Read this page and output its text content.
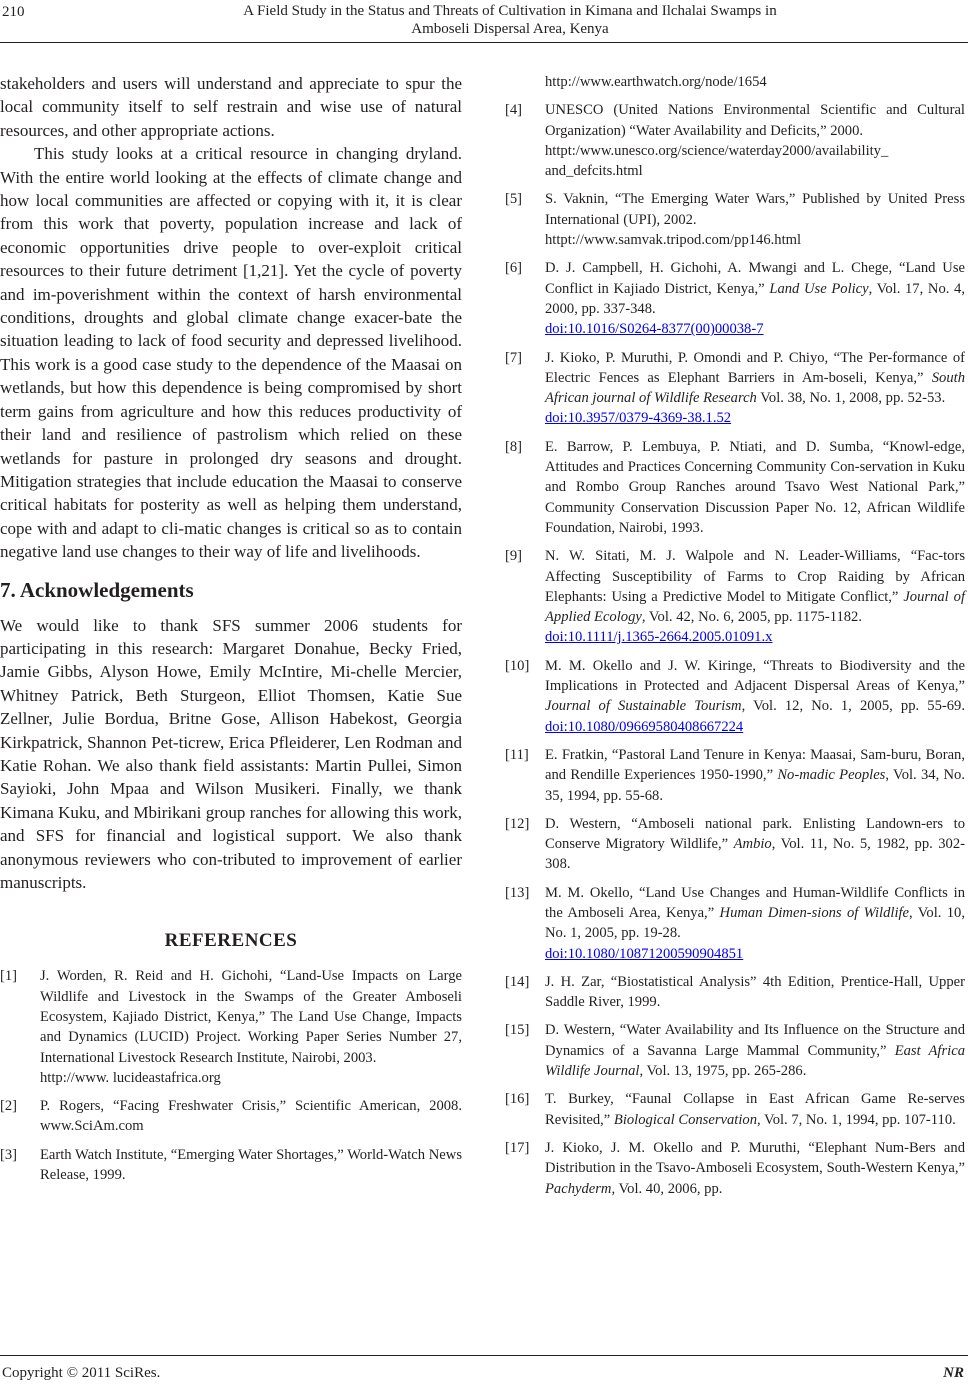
210	A Field Study in the Status and Threats of Cultivation in Kimana and Ilchalai Swamps in
Amboseli Dispersal Area, Kenya

stakeholders and users will understand and appreciate to spur the local community itself to self restrain and wise use of natural resources, and other appropriate actions.

This study looks at a critical resource in changing dryland. With the entire world looking at the effects of climate change and how local communities are affected or copying with it, it is clear from this work that poverty, population increase and lack of economic opportunities drive people to over-exploit critical resources to their future detriment [1,21]. Yet the cycle of poverty and im-poverishment within the context of harsh environmental conditions, droughts and global climate change exacer-bate the situation leading to lack of food security and depressed livelihood. This work is a good case study to the dependence of the Maasai on wetlands, but how this dependence is being compromised by short term gains from agriculture and how this reduces productivity of their land and resilience of pastrolism which relied on these wetlands for pasture in prolonged dry seasons and drought. Mitigation strategies that include education the Maasai to conserve critical habitats for posterity as well as helping them understand, cope with and adapt to cli-matic changes is critical so as to contain negative land use changes to their way of life and livelihoods.

7. Acknowledgements

We would like to thank SFS summer 2006 students for participating in this research: Margaret Donahue, Becky Fried, Jamie Gibbs, Alyson Howe, Emily McIntire, Mi-chelle Mercier, Whitney Patrick, Beth Sturgeon, Elliot Thomsen, Katie Sue Zellner, Julie Bordua, Britne Gose, Allison Habekost, Georgia Kirkpatrick, Shannon Pet-ticrew, Erica Pfleiderer, Len Rodman and Katie Rohan. We also thank field assistants: Martin Pullei, Simon Sayioki, John Mpaa and Wilson Musikeri. Finally, we thank Kimana Kuku, and Mbirikani group ranches for allowing this work, and SFS for financial and logistical support. We also thank anonymous reviewers who con-tributed to improvement of earlier manuscripts.

REFERENCES
[1]	J. Worden, R. Reid and H. Gichohi, “Land-Use Impacts on Large Wildlife and Livestock in the Swamps of the Greater Amboseli Ecosystem, Kajiado District, Kenya,” The Land Use Change, Impacts and Dynamics (LUCID) Project. Working Paper Series Number 27, International Livestock Research Institute, Nairobi, 2003.
http://www. lucideastafrica.org
[2]	P. Rogers, “Facing Freshwater Crisis,” Scientific American, 2008. www.SciAm.com
[3]	Earth Watch Institute, “Emerging Water Shortages,” World-Watch News Release, 1999.
http://www.earthwatch.org/node/1654
[4]	UNESCO (United Nations Environmental Scientific and Cultural Organization) “Water Availability and Deficits,” 2000.
httpt:/www.unesco.org/science/waterday2000/availability_ and_defcits.html
[5]	S. Vaknin, “The Emerging Water Wars,” Published by United Press International (UPI), 2002.
httpt://www.samvak.tripod.com/pp146.html
[6]	D. J. Campbell, H. Gichohi, A. Mwangi and L. Chege, “Land Use Conflict in Kajiado District, Kenya,” Land Use Policy, Vol. 17, No. 4, 2000, pp. 337-348.
doi:10.1016/S0264-8377(00)00038-7
[7]	J. Kioko, P. Muruthi, P. Omondi and P. Chiyo, “The Per-formance of Electric Fences as Elephant Barriers in Am-boseli, Kenya,” South African journal of Wildlife Research Vol. 38, No. 1, 2008, pp. 52-53.
doi:10.3957/0379-4369-38.1.52
[8]	E. Barrow, P. Lembuya, P. Ntiati, and D. Sumba, “Knowl-edge, Attitudes and Practices Concerning Community Con-servation in Kuku and Rombo Group Ranches around Tsavo West National Park,” Community Conservation Discussion Paper No. 12, African Wildlife Foundation, Nairobi, 1993.
[9]	N. W. Sitati, M. J. Walpole and N. Leader-Williams, “Fac-tors Affecting Susceptibility of Farms to Crop Raiding by African Elephants: Using a Predictive Model to Mitigate Conflict,” Journal of Applied Ecology, Vol. 42, No. 6, 2005, pp. 1175-1182.
doi:10.1111/j.1365-2664.2005.01091.x
[10]	M. M. Okello and J. W. Kiringe, “Threats to Biodiversity and the Implications in Protected and Adjacent Dispersal Areas of Kenya,” Journal of Sustainable Tourism, Vol. 12, No. 1, 2005, pp. 55-69. doi:10.1080/09669580408667224
[11]	E. Fratkin, “Pastoral Land Tenure in Kenya: Maasai, Sam-buru, Boran, and Rendille Experiences 1950-1990,” No-madic Peoples, Vol. 34, No. 35, 1994, pp. 55-68.
[12]	D. Western, “Amboseli national park. Enlisting Landown-ers to Conserve Migratory Wildlife,” Ambio, Vol. 11, No. 5, 1982, pp. 302-308.
[13]	M. M. Okello, “Land Use Changes and Human-Wildlife Conflicts in the Amboseli Area, Kenya,” Human Dimen-sions of Wildlife, Vol. 10, No. 1, 2005, pp. 19-28.
doi:10.1080/10871200590904851
[14]	J. H. Zar, “Biostatistical Analysis” 4th Edition, Prentice-Hall, Upper Saddle River, 1999.
[15]	D. Western, “Water Availability and Its Influence on the Structure and Dynamics of a Savanna Large Mammal Community,” East Africa Wildlife Journal, Vol. 13, 1975, pp. 265-286.
[16]	T. Burkey, “Faunal Collapse in East African Game Re-serves Revisited,” Biological Conservation, Vol. 7, No. 1, 1994, pp. 107-110.
[17]	J. Kioko, J. M. Okello and P. Muruthi, “Elephant Num-Bers and Distribution in the Tsavo-Amboseli Ecosystem, South-Western Kenya,” Pachyderm, Vol. 40, 2006, pp.
Copyright © 2011 SciRes.	NR
